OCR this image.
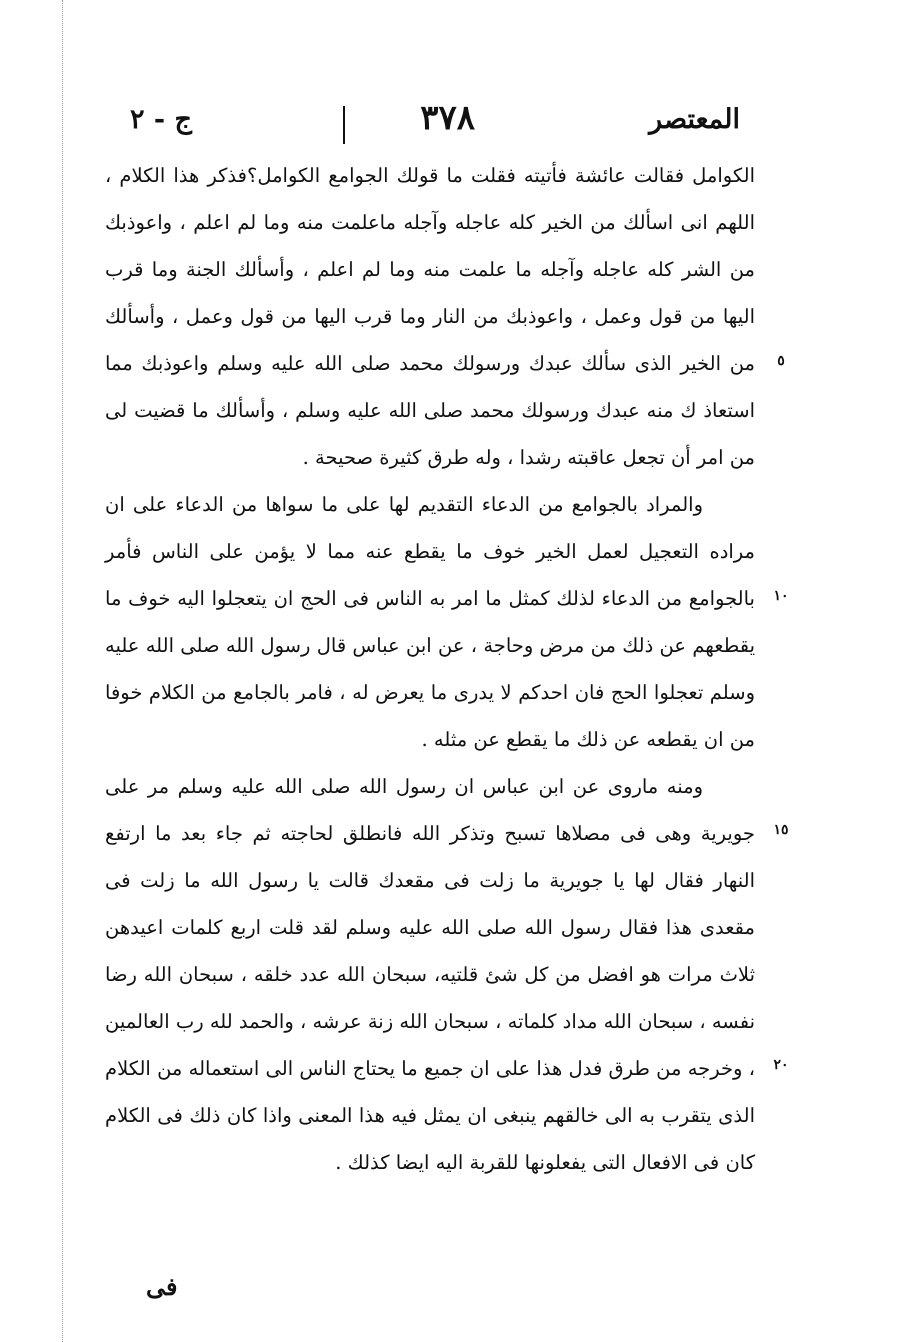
المعتصر
٣٧٨
ج - ٢

الكوامل فقالت عائشة فأتيته فقلت ما قولك الجوامع الكوامل؟فذكر هذا الكلام ، اللهم انى اسألك من الخير كله عاجله وآجله ماعلمت منه وما لم اعلم ، واعوذبك من الشر كله عاجله وآجله ما علمت منه وما لم اعلم ، وأسألك الجنة وما قرب اليها من قول وعمل ، واعوذبك من النار وما قرب اليها من قول وعمل ، وأسألك من الخير الذى سألك عبدك ورسولك محمد صلى الله عليه وسلم واعوذبك مما استعاذ ك منه عبدك ورسولك محمد صلى الله عليه وسلم ، وأسألك ما قضيت لى من امر أن تجعل عاقبته رشدا ، وله طرق كثيرة صحيحة .

والمراد بالجوامع من الدعاء التقديم لها على ما سواها من الدعاء على ان مراده التعجيل لعمل الخير خوف ما يقطع عنه مما لا يؤمن على الناس فأمر بالجوامع من الدعاء لذلك كمثل ما امر به الناس فى الحج ان يتعجلوا اليه خوف ما يقطعهم عن ذلك من مرض وحاجة ، عن ابن عباس قال رسول الله صلى الله عليه وسلم تعجلوا الحج فان احدكم لا يدرى ما يعرض له ، فامر بالجامع من الكلام خوفا من ان يقطعه عن ذلك ما يقطع عن مثله .

ومنه ماروى عن ابن عباس ان رسول الله صلى الله عليه وسلم مر على جويرية وهى فى مصلاها تسبح وتذكر الله فانطلق لحاجته ثم جاء بعد ما ارتفع النهار فقال لها يا جويرية ما زلت فى مقعدك قالت يا رسول الله ما زلت فى مقعدى هذا فقال رسول الله صلى الله عليه وسلم لقد قلت اربع كلمات اعيدهن ثلاث مرات هو افضل من كل شئ قلتيه، سبحان الله عدد خلقه ، سبحان الله رضا نفسه ، سبحان الله مداد كلماته ، سبحان الله زنة عرشه ، والحمد لله رب العالمين ، وخرجه من طرق فدل هذا على ان جميع ما يحتاج الناس الى استعماله من الكلام الذى يتقرب به الى خالقهم ينبغى ان يمثل فيه هذا المعنى واذا كان ذلك فى الكلام كان فى الافعال التى يفعلونها للقربة اليه ايضا كذلك .

٥
١٠
١٥
٢٠
فى
